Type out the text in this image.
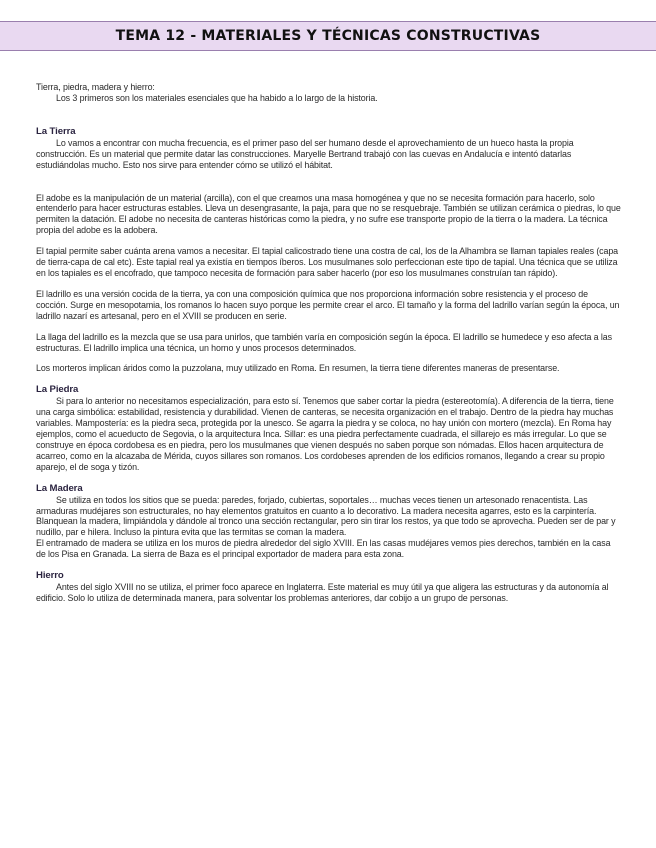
TEMA 12 - MATERIALES Y TÉCNICAS CONSTRUCTIVAS

Tierra, piedra, madera y hierro:

Los 3 primeros son los materiales esenciales que ha habido a lo largo de la historia.

La Tierra

Lo vamos a encontrar con mucha frecuencia, es el primer paso del ser humano desde el aprovechamiento de un hueco hasta la propia construcción. Es un material que permite datar las construcciones. Maryelle Bertrand trabajó con las cuevas en Andalucía e intentó datarlas estudiándolas mucho. Esto nos sirve para entender cómo se utilizó el hábitat.

El adobe es la manipulación de un material (arcilla), con el que creamos una masa homogénea y que no se necesita formación para hacerlo, solo entenderlo para hacer estructuras estables. Lleva un desengrasante, la paja, para que no se resquebraje. También se utilizan cerámica o piedras, lo que permiten la datación. El adobe no necesita de canteras históricas como la piedra, y no sufre ese transporte propio de la tierra o la madera. La técnica propia del adobe es la adobera.

El tapial permite saber cuánta arena vamos a necesitar. El tapial calicostrado tiene una costra de cal, los de la Alhambra se llaman tapiales reales (capa de tierra-capa de cal etc). Este tapial real ya existía en tiempos íberos. Los musulmanes solo perfeccionan este tipo de tapial. Una técnica que se utiliza en los tapiales es el encofrado, que tampoco necesita de formación para saber hacerlo (por eso los musulmanes construían tan rápido).

El ladrillo es una versión cocida de la tierra, ya con una composición química que nos proporciona información sobre resistencia y el proceso de cocción. Surge en mesopotamia, los romanos lo hacen suyo porque les permite crear el arco. El tamaño y la forma del ladrillo varían según la época, un ladrillo nazarí es artesanal, pero en el XVIII se producen en serie.

La llaga del ladrillo es la mezcla que se usa para unirlos, que también varía en composición según la época. El ladrillo se humedece y eso afecta a las estructuras. El ladrillo implica una técnica, un horno y unos procesos determinados.

Los morteros implican áridos como la puzzolana, muy utilizado en Roma. En resumen, la tierra tiene diferentes maneras de presentarse.

La Piedra

Si para lo anterior no necesitamos especialización, para esto sí. Tenemos que saber cortar la piedra (estereotomía). A diferencia de la tierra, tiene una carga simbólica: estabilidad, resistencia y durabilidad. Vienen de canteras, se necesita organización en el trabajo. Dentro de la piedra hay muchas variables. Mampostería: es la piedra seca, protegida por la unesco. Se agarra la piedra y se coloca, no hay unión con mortero (mezcla). En Roma hay ejemplos, como el acueducto de Segovia, o la arquitectura Inca. Sillar: es una piedra perfectamente cuadrada, el sillarejo es más irregular. Lo que se construye en época cordobesa es en piedra, pero los musulmanes que vienen después no saben porque son nómadas. Ellos hacen arquitectura de acarreo, como en la alcazaba de Mérida, cuyos sillares son romanos. Los cordobeses aprenden de los edificios romanos, llegando a crear su propio aparejo, el de soga y tizón.

La Madera

Se utiliza en todos los sitios que se pueda: paredes, forjado, cubiertas, soportales… muchas veces tienen un artesonado renacentista. Las armaduras mudéjares son estructurales, no hay elementos gratuitos en cuanto a lo decorativo. La madera necesita agarres, esto es la carpintería. Blanquean la madera, limpiándola y dándole al tronco una sección rectangular, pero sin tirar los restos, ya que todo se aprovecha. Pueden ser de par y nudillo, par e hilera. Incluso la pintura evita que las termitas se coman la madera.

El entramado de madera se utiliza en los muros de piedra alrededor del siglo XVIII. En las casas mudéjares vemos pies derechos, también en la casa de los Pisa en Granada. La sierra de Baza es el principal exportador de madera para esta zona.

Hierro

Antes del siglo XVIII no se utiliza, el primer foco aparece en Inglaterra. Este material es muy útil ya que aligera las estructuras y da autonomía al edificio. Solo lo utiliza de determinada manera, para solventar los problemas anteriores, dar cobijo a un grupo de personas.
